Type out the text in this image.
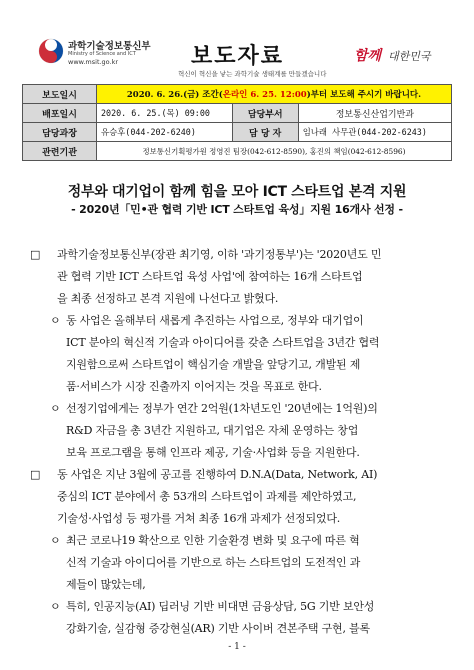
과학기술정보통신부
Ministry of Science and ICT
www.msit.go.kr	보도자료
혁신이 혁신을 낳는 과학기술 생태계를 만들겠습니다
함께 대한민국
보도일시	2020. 6. 26.(금) 조간(온라인 6. 25. 12:00)부터 보도해 주시기 바랍니다.		
배포일시	2020. 6. 25.(목) 09:00	담당부서	정보통신산업기반과
담당과장	유승후(044-202-6240)	담 당 자	임나래 사무관(044-202-6243)
관련기관	정보통신기획평가원 정영진 팀장(042-612-8590), 홍진의 책임(042-612-8596)		
정부와 대기업이 함께 힘을 모아 ICT 스타트업 본격 지원
- 2020년「민•관 협력 기반 ICT 스타트업 육성」지원 16개사 선정 -
□ 과학기술정보통신부(장관 최기영, 이하 '과기정통부')는 '2020년도 민
관 협력 기반 ICT 스타트업 육성 사업'에 참여하는 16개 스타트업
을 최종 선정하고 본격 지원에 나선다고 밝혔다.
ㅇ 동 사업은 올해부터 새롭게 추진하는 사업으로, 정부와 대기업이
ICT 분야의 혁신적 기술과 아이디어를 갖춘 스타트업을 3년간 협력
지원함으로써 스타트업이 핵심기술 개발을 앞당기고, 개발된 제
품·서비스가 시장 진출까지 이어지는 것을 목표로 한다.
ㅇ 선정기업에게는 정부가 연간 2억원(1차년도인 '20년에는 1억원)의
R&D 자금을 총 3년간 지원하고, 대기업은 자체 운영하는 창업
보육 프로그램을 통해 인프라 제공, 기술·사업화 등을 지원한다.
□ 동 사업은 지난 3월에 공고를 진행하여 D.N.A(Data, Network, AI)
중심의 ICT 분야에서 총 53개의 스타트업이 과제를 제안하였고,
기술성·사업성 등 평가를 거쳐 최종 16개 과제가 선정되었다.
ㅇ 최근 코로나19 확산으로 인한 기술환경 변화 및 요구에 따른 혁
신적 기술과 아이디어를 기반으로 하는 스타트업의 도전적인 과
제들이 많았는데,
ㅇ 특히, 인공지능(AI) 딥러닝 기반 비대면 금융상담, 5G 기반 보안성
강화기술, 실감형 증강현실(AR) 기반 사이버 견본주택 구현, 블록
- 1 -
